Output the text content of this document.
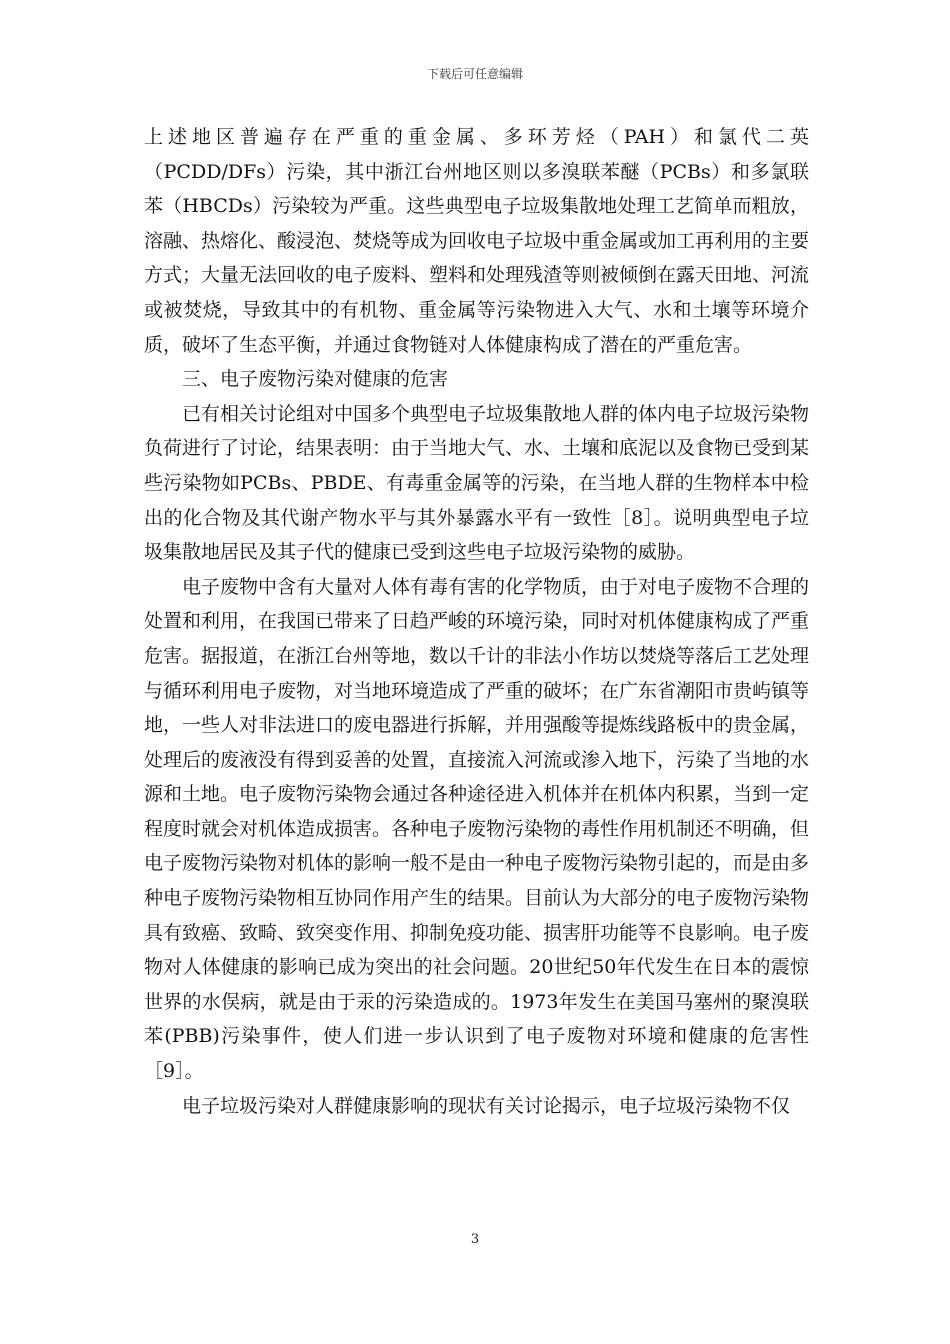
下载后可任意编辑

上述地区普遍存在严重的重金属、多环芳烃（PAH）和氯代二英（PCDD/DFs）污染，其中浙江台州地区则以多溴联苯醚（PCBs）和多氯联苯（HBCDs）污染较为严重。这些典型电子垃圾集散地处理工艺简单而粗放，溶融、热熔化、酸浸泡、焚烧等成为回收电子垃圾中重金属或加工再利用的主要方式；大量无法回收的电子废料、塑料和处理残渣等则被倾倒在露天田地、河流或被焚烧，导致其中的有机物、重金属等污染物进入大气、水和土壤等环境介质，破坏了生态平衡，并通过食物链对人体健康构成了潜在的严重危害。

三、电子废物污染对健康的危害

已有相关讨论组对中国多个典型电子垃圾集散地人群的体内电子垃圾污染物负荷进行了讨论，结果表明：由于当地大气、水、土壤和底泥以及食物已受到某些污染物如PCBs、PBDE、有毒重金属等的污染，在当地人群的生物样本中检出的化合物及其代谢产物水平与其外暴露水平有一致性［8］。说明典型电子垃圾集散地居民及其子代的健康已受到这些电子垃圾污染物的威胁。

电子废物中含有大量对人体有毒有害的化学物质，由于对电子废物不合理的处置和利用，在我国已带来了日趋严峻的环境污染，同时对机体健康构成了严重危害。据报道，在浙江台州等地，数以千计的非法小作坊以焚烧等落后工艺处理与循环利用电子废物，对当地环境造成了严重的破坏；在广东省潮阳市贵屿镇等地，一些人对非法进口的废电器进行拆解，并用强酸等提炼线路板中的贵金属，处理后的废液没有得到妥善的处置，直接流入河流或渗入地下，污染了当地的水源和土地。电子废物污染物会通过各种途径进入机体并在机体内积累，当到一定程度时就会对机体造成损害。各种电子废物污染物的毒性作用机制还不明确，但电子废物污染物对机体的影响一般不是由一种电子废物污染物引起的，而是由多种电子废物污染物相互协同作用产生的结果。目前认为大部分的电子废物污染物具有致癌、致畸、致突变作用、抑制免疫功能、损害肝功能等不良影响。电子废物对人体健康的影响已成为突出的社会问题。20世纪50年代发生在日本的震惊世界的水俣病，就是由于汞的污染造成的。1973年发生在美国马塞州的聚溴联苯(PBB)污染事件，使人们进一步认识到了电子废物对环境和健康的危害性［9］。

电子垃圾污染对人群健康影响的现状有关讨论揭示，电子垃圾污染物不仅

3
